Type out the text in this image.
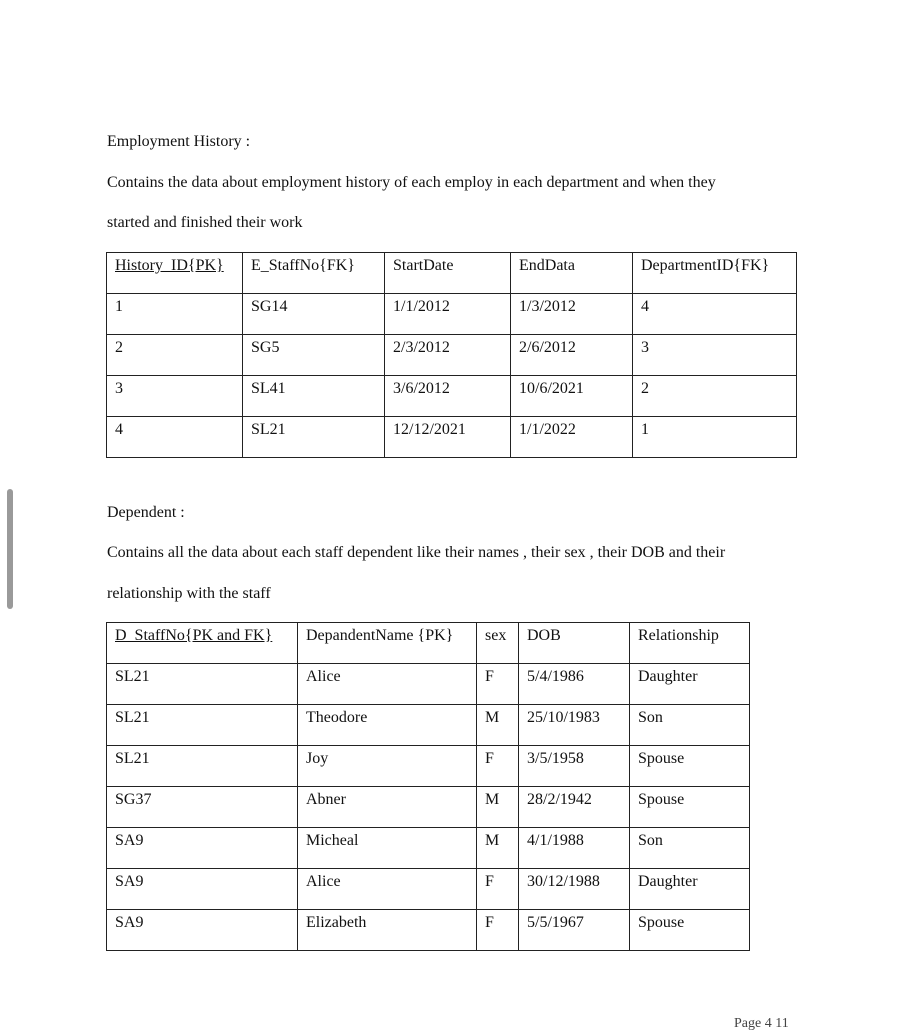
Employment History :
Contains the data about employment history of each employ in each department and when they
started and finished their work
History_ID{PK}	E_StaffNo{FK}	StartDate	EndData	DepartmentID{FK}

1	SG14	1/1/2012	1/3/2012	4

2	SG5	2/3/2012	2/6/2012	3

3	SL41	3/6/2012	10/6/2021	2

4	SL21	12/12/2021	1/1/2022	1
Dependent :
Contains all the data about each staff dependent like their names , their sex , their DOB and their
relationship with the staff
D_StaffNo{PK and FK}	DepandentName {PK}	sex	DOB	Relationship

SL21	Alice	F	5/4/1986	Daughter

SL21	Theodore	M	25/10/1983	Son

SL21	Joy	F	3/5/1958	Spouse

SG37	Abner	M	28/2/1942	Spouse

SA9	Micheal	M	4/1/1988	Son

SA9	Alice	F	30/12/1988	Daughter

SA9	Elizabeth	F	5/5/1967	Spouse
Page 4 11
